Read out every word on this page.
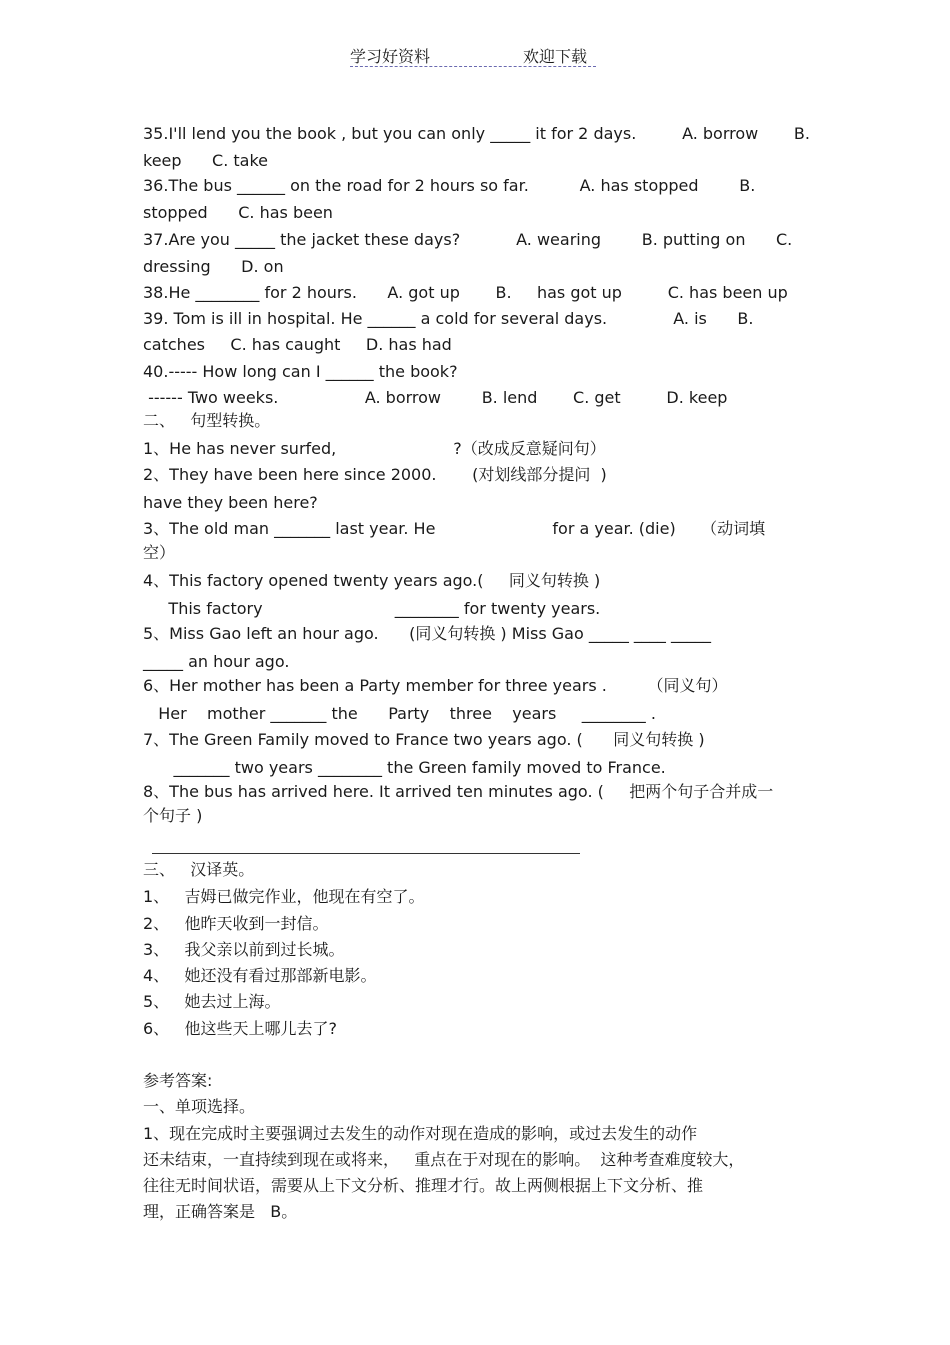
学习好资料	欢迎下载
35.I'll lend you the book , but you can only _____ it for 2 days.         A. borrow       B.
keep      C. take
36.The bus ______ on the road for 2 hours so far.          A. has stopped        B.
stopped      C. has been
37.Are you _____ the jacket these days?           A. wearing        B. putting on      C.
dressing      D. on
38.He ________ for 2 hours.      A. got up       B.     has got up         C. has been up
39. Tom is ill in hospital. He ______ a cold for several days.             A. is      B.
catches     C. has caught     D. has had
40.----- How long can I ______ the book?
------ Two weeks.                 A. borrow        B. lend       C. get         D. keep
二、   句型转换。
1、He has never surfed,                       ?（改成反意疑问句）
2、They have been here since 2000.       (对划线部分提问  )
have they been here?
3、The old man _______ last year. He                       for a year. (die)     （动词填
空）
4、This factory opened twenty years ago.(     同义句转换 )
This factory                          ________ for twenty years.
5、Miss Gao left an hour ago.      (同义句转换 ) Miss Gao _____ ____ _____
_____ an hour ago.
6、Her mother has been a Party member for three years .        （同义句）
Her    mother _______ the      Party    three    years     ________ .
7、The Green Family moved to France two years ago. (      同义句转换 )
_______ two years ________ the Green family moved to France.
8、The bus has arrived here. It arrived ten minutes ago. (     把两个句子合并成一
个句子 )
三、   汉译英。
1、   吉姆已做完作业，他现在有空了。
2、   他昨天收到一封信。
3、   我父亲以前到过长城。
4、   她还没有看过那部新电影。
5、   她去过上海。
6、   他这些天上哪儿去了?
参考答案:
一、单项选择。
1、现在完成时主要强调过去发生的动作对现在造成的影响，或过去发生的动作
还未结束，一直持续到现在或将来，   重点在于对现在的影响。  这种考查难度较大，
往往无时间状语，需要从上下文分析、推理才行。故上两侧根据上下文分析、推
理，正确答案是   B。
